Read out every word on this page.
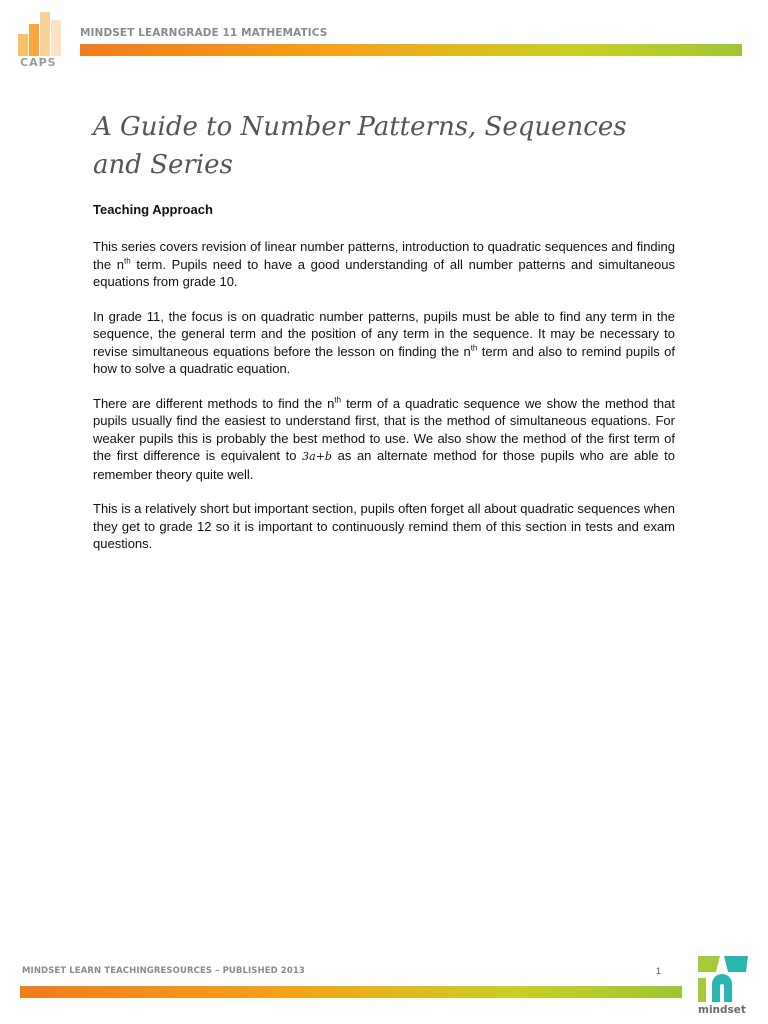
CAPS
MINDSET LEARNGRADE 11 MATHEMATICS
A Guide to Number Patterns, Sequences
and Series
Teaching Approach

This series covers revision of linear number patterns, introduction to quadratic sequences and finding the $n^{th}$ term. Pupils need to have a good understanding of all number patterns and simultaneous equations from grade 10.

In grade 11, the focus is on quadratic number patterns, pupils must be able to find any term in the sequence, the general term and the position of any term in the sequence. It may be necessary to revise simultaneous equations before the lesson on finding the $n^{th}$ term and also to remind pupils of how to solve a quadratic equation.

There are different methods to find the $n^{th}$ term of a quadratic sequence we show the method that pupils usually find the easiest to understand first, that is the method of simultaneous equations. For weaker pupils this is probably the best method to use. We also show the method of the first term of the first difference is equivalent to 3a+b as an alternate method for those pupils who are able to remember theory quite well.

This is a relatively short but important section, pupils often forget all about quadratic sequences when they get to grade 12 so it is important to continuously remind them of this section in tests and exam questions.

MINDSET LEARN TEACHINGRESOURCES – PUBLISHED 2013	1
mindset
